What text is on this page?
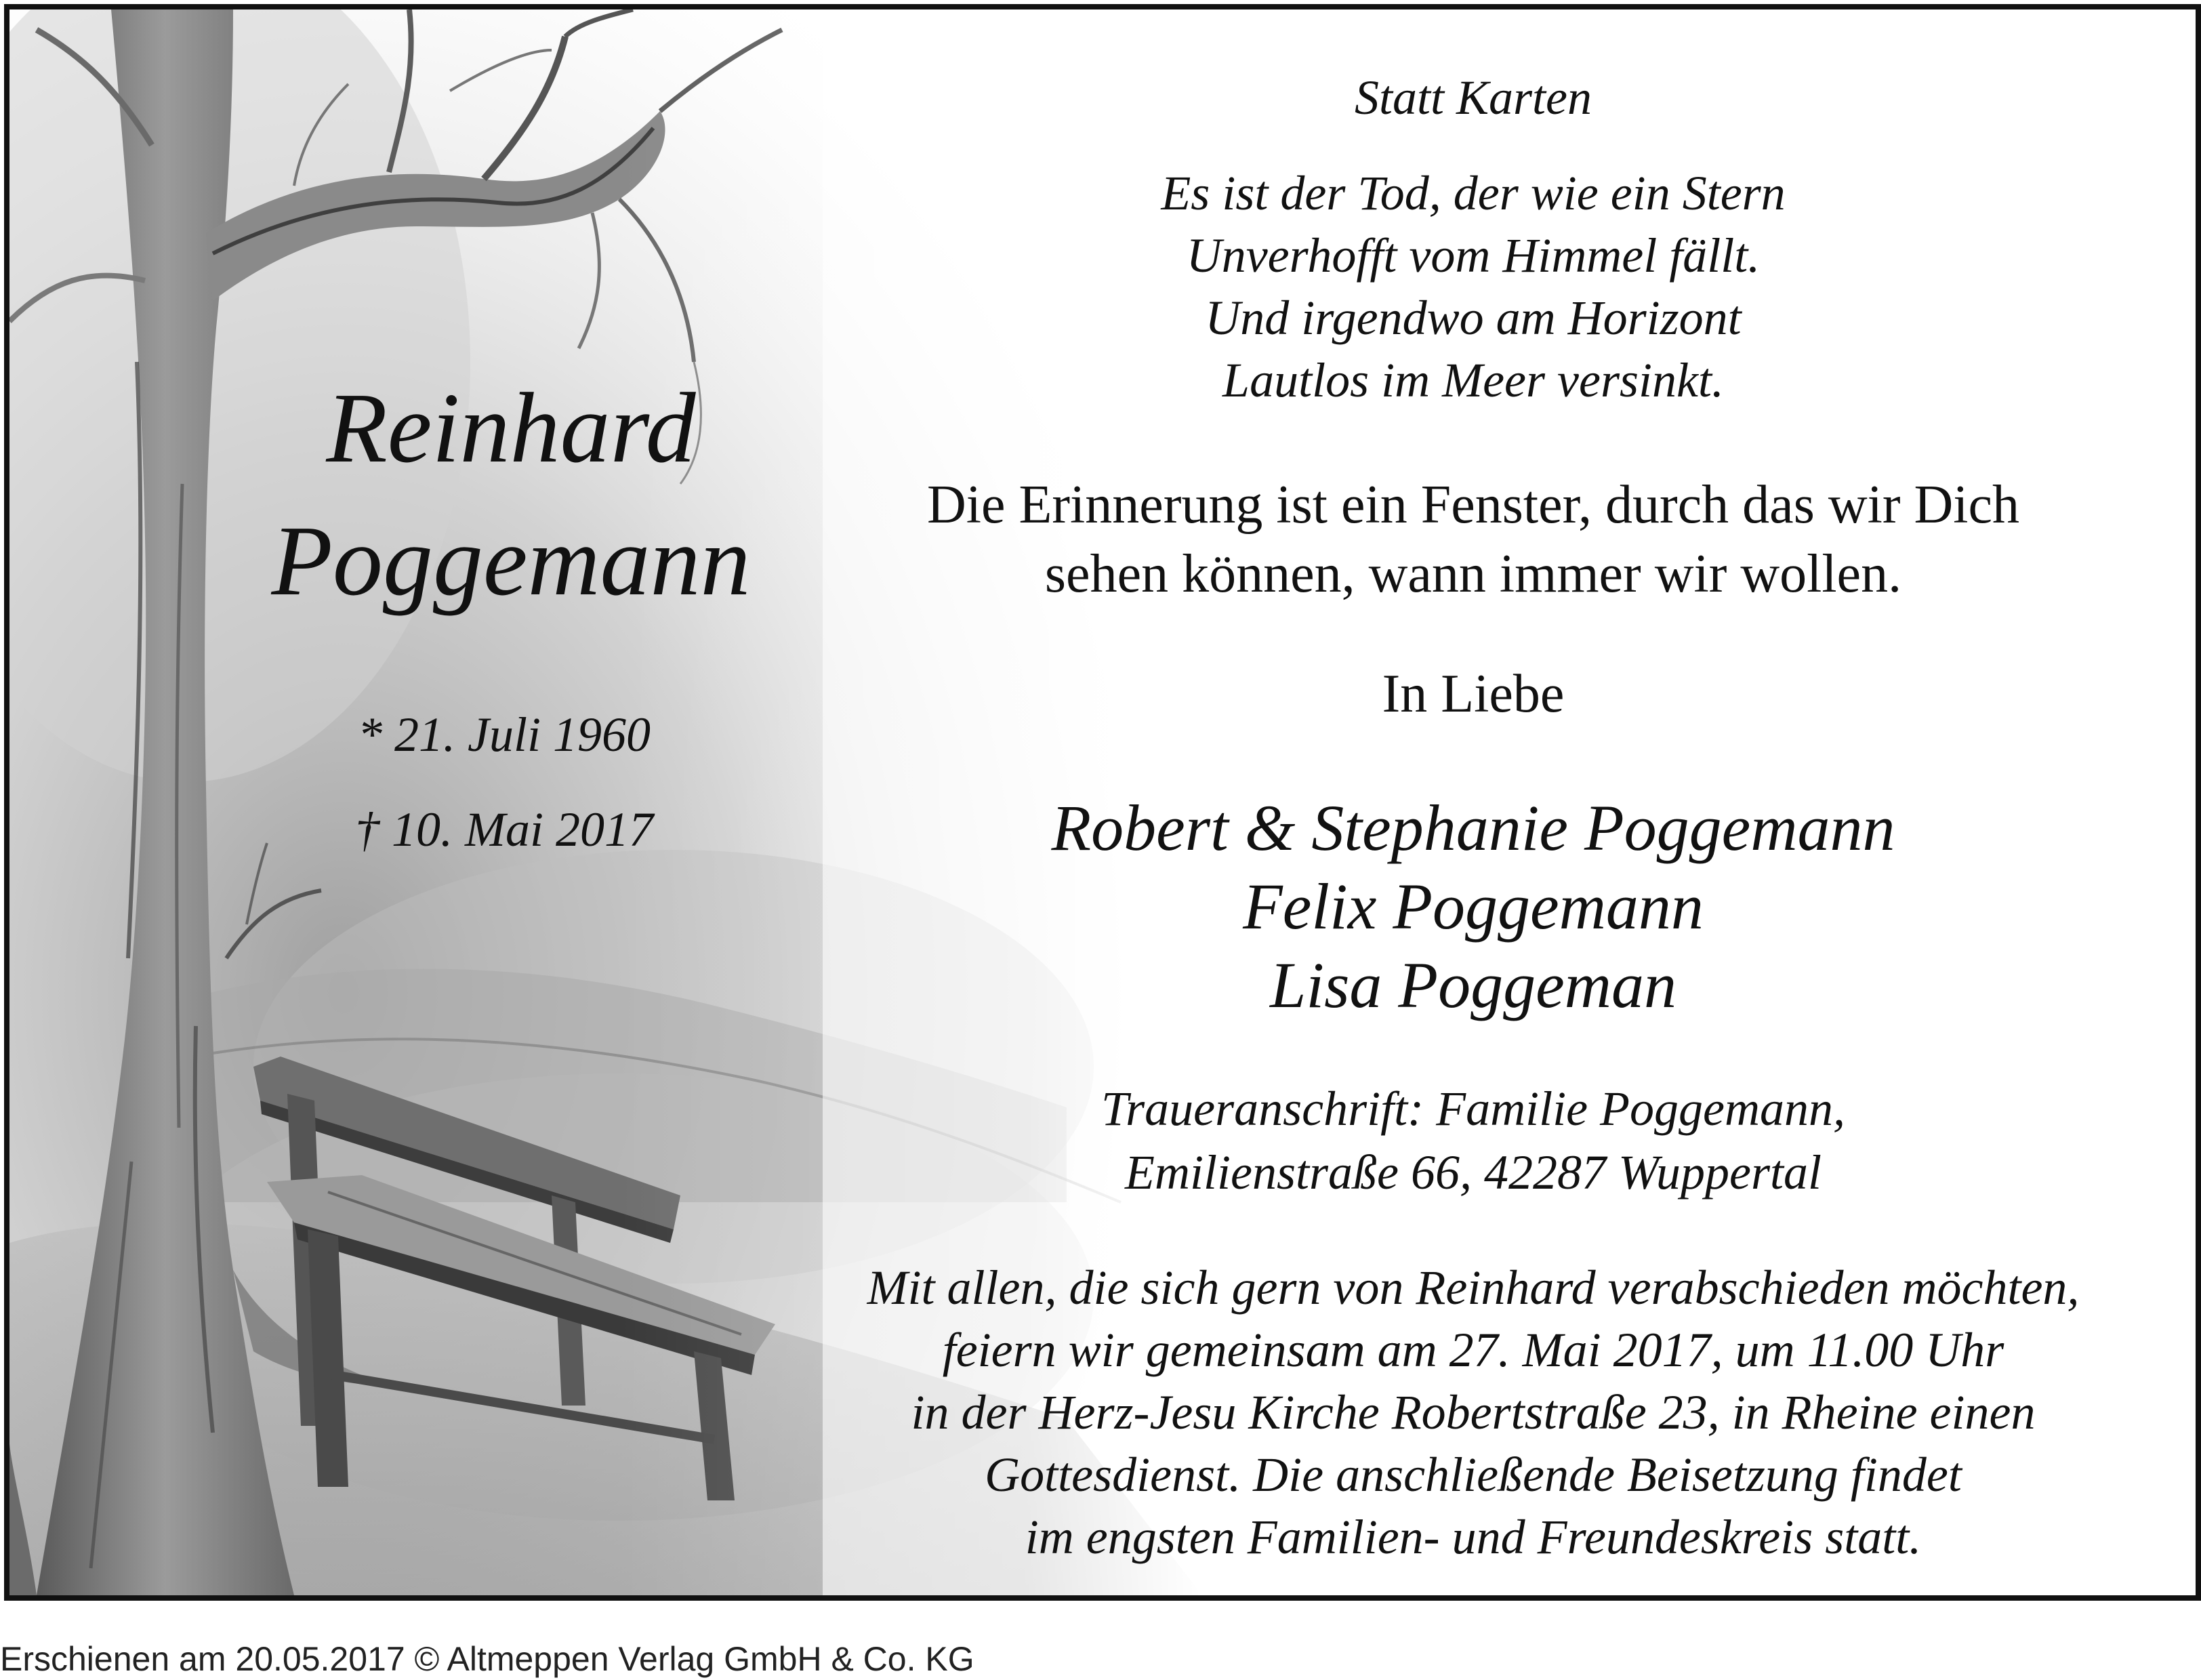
Reinhard
Poggemann
* 21. Juli 1960
† 10. Mai 2017
Statt Karten
Es ist der Tod, der wie ein Stern
Unverhofft vom Himmel fällt.
Und irgendwo am Horizont
Lautlos im Meer versinkt.
Die Erinnerung ist ein Fenster, durch das wir Dich
sehen können, wann immer wir wollen.
In Liebe
Robert & Stephanie Poggemann
Felix Poggemann
Lisa Poggeman
Traueranschrift: Familie Poggemann,
Emilienstraße 66, 42287 Wuppertal
Mit allen, die sich gern von Reinhard verabschieden möchten,
feiern wir gemeinsam am 27. Mai 2017, um 11.00 Uhr
in der Herz-Jesu Kirche Robertstraße 23, in Rheine einen
Gottesdienst. Die anschließende Beisetzung findet
im engsten Familien- und Freundeskreis statt.
Erschienen am 20.05.2017 © Altmeppen Verlag GmbH & Co. KG
